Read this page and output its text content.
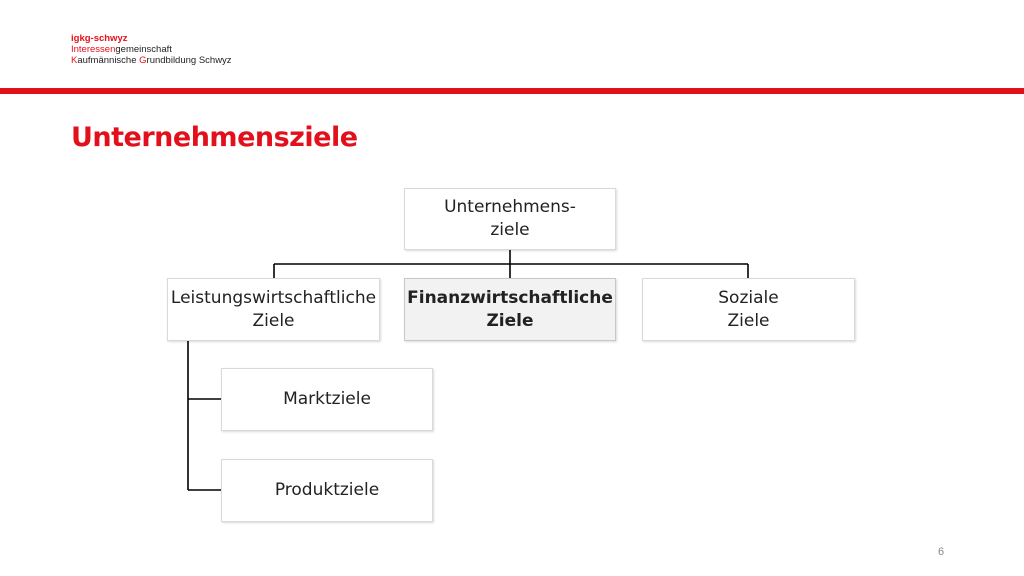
igkg-schwyz
Interessengemeinschaft
Kaufmännische Grundbildung Schwyz
Unternehmensziele
Unternehmens-
ziele
Leistungswirtschaftliche
Ziele
Finanzwirtschaftliche
Ziele
Soziale
Ziele
Marktziele
Produktziele
6
